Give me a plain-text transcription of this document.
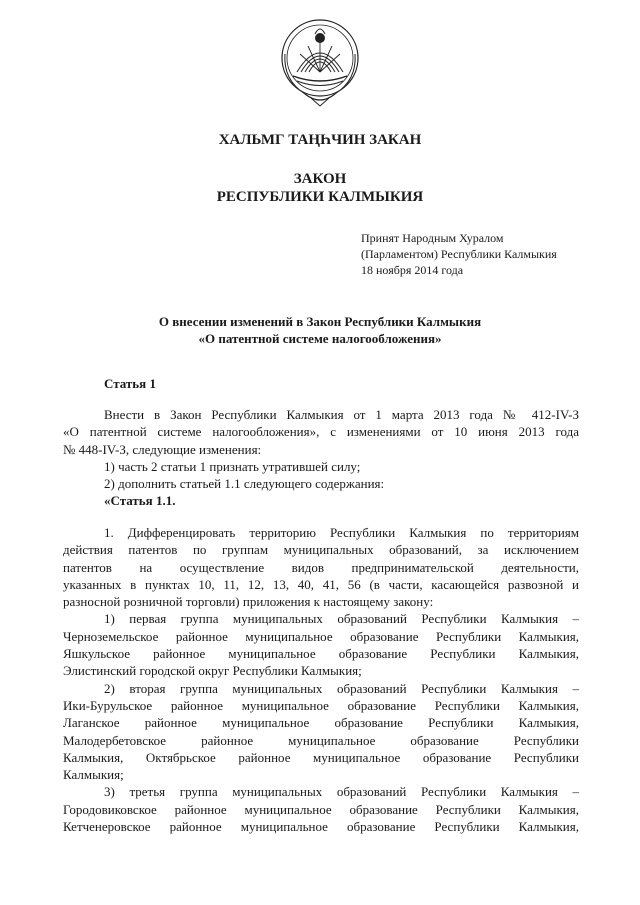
ХАЛЬМГ ТАҢҺЧИН ЗАКАН
ЗАКОН
РЕСПУБЛИКИ КАЛМЫКИЯ
Принят Народным Хуралом
(Парламентом) Республики Калмыкия
18 ноября 2014 года
О внесении изменений в Закон Республики Калмыкия
«О патентной системе налогообложения»
Статья 1
Внести в Закон Республики Калмыкия от 1 марта 2013 года № 412-IV-З
«О патентной системе налогообложения», с изменениями от 10 июня 2013 года
№ 448-IV-З, следующие изменения:
1) часть 2 статьи 1 признать утратившей силу;
2) дополнить статьей 1.1 следующего содержания:
«Статья 1.1.
1. Дифференцировать территорию Республики Калмыкия по территориям
действия патентов по группам муниципальных образований, за исключением
патентов на осуществление видов предпринимательской деятельности,
указанных в пунктах 10, 11, 12, 13, 40, 41, 56 (в части, касающейся развозной и
разносной розничной торговли) приложения к настоящему закону:
1) первая группа муниципальных образований Республики Калмыкия –
Черноземельское районное муниципальное образование Республики Калмыкия,
Яшкульское районное муниципальное образование Республики Калмыкия,
Элистинский городской округ Республики Калмыкия;
2) вторая группа муниципальных образований Республики Калмыкия –
Ики-Бурульское районное муниципальное образование Республики Калмыкия,
Лаганское районное муниципальное образование Республики Калмыкия,
Малодербетовское районное муниципальное образование Республики
Калмыкия, Октябрьское районное муниципальное образование Республики
Калмыкия;
3) третья группа муниципальных образований Республики Калмыкия –
Городовиковское районное муниципальное образование Республики Калмыкия,
Кетченеровское районное муниципальное образование Республики Калмыкия,
